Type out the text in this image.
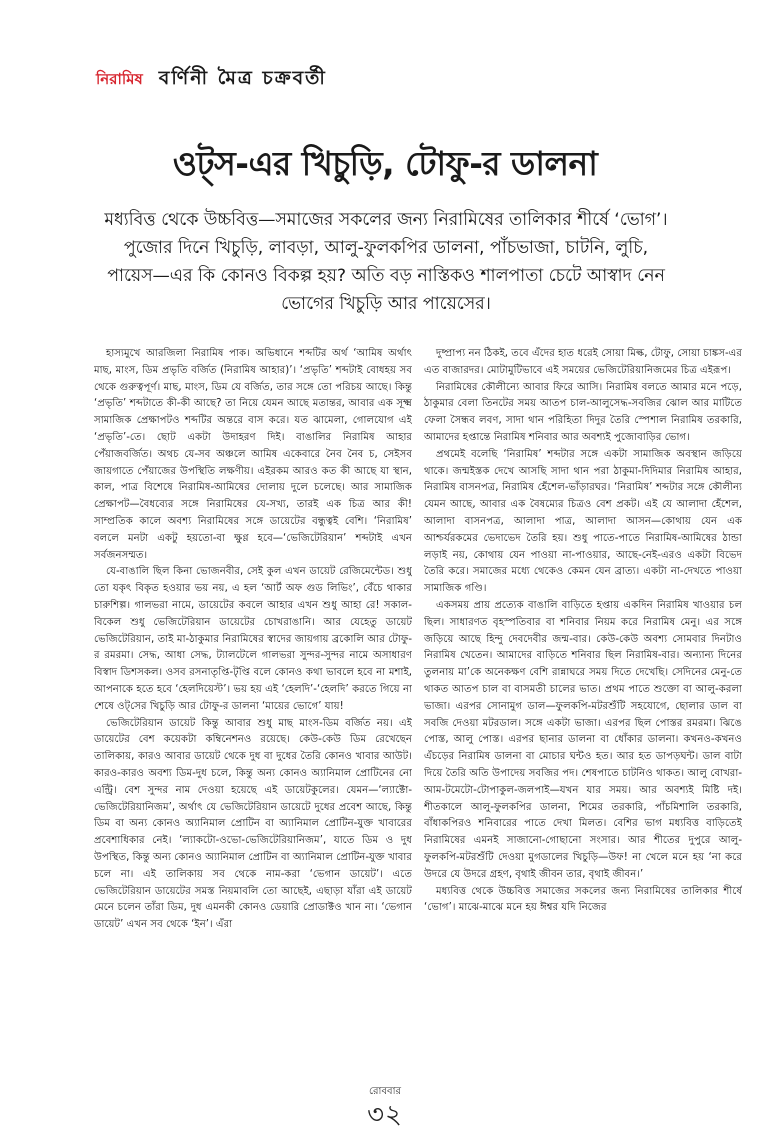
নিরামিষ বর্ণিনী মৈত্র চক্রবর্তী
ওট্‌স-এর খিচুড়ি, টোফু-র ডালনা

মধ্যবিত্ত থেকে উচ্চবিত্ত—সমাজের সকলের জন্য নিরামিষের তালিকার শীর্ষে ‘ভোগ’।
পুজোর দিনে খিচুড়ি, লাবড়া, আলু-ফুলকপির ডালনা, পাঁচভাজা, চাটনি, লুচি,
পায়েস—এর কি কোনও বিকল্প হয়? অতি বড় নাস্তিকও শালপাতা চেটে আস্বাদ নেন
ভোগের খিচুড়ি আর পায়েসের।

হাস্যমুখে আরজিলা নিরামিষ পাক। অভিধানে শব্দটির অর্থ ‘আমিষ অর্থাৎ মাছ, মাংস, ডিম প্রভৃতি বর্জিত (নিরামিষ আহার)’। ‘প্রভৃতি’ শব্দটাই বোধহয় সব থেকে গুরুত্বপূর্ণ। মাছ, মাংস, ডিম যে বর্জিত, তার সঙ্গে তো পরিচয় আছে। কিন্তু ‘প্রভৃতি’ শব্দটাতে কী-কী আছে? তা নিয়ে যেমন আছে মতান্তর, আবার এক সূক্ষ্ম সামাজিক প্রেক্ষাপটও শব্দটির অন্তরে বাস করে। যত ঝামেলা, গোলযোগ এই ‘প্রভৃতি’-তে। ছোট একটা উদাহরণ দিই। বাঙালির নিরামিষ আহার পেঁয়াজবর্জিত। অথচ যে-সব অঞ্চলে আমিষ একেবারে নৈব নৈব চ, সেইসব জায়গাতে পেঁয়াজের উপস্থিতি লক্ষণীয়। এইরকম আরও কত কী আছে যা স্থান, কাল, পাত্র বিশেষে নিরামিষ-আমিষের দোলায় দুলে চলেছে। আর সামাজিক প্রেক্ষাপট—বৈধব্যের সঙ্গে নিরামিষের যে-সখ্য, তারই এক চিত্র আর কী! সাম্প্রতিক কালে অবশ্য নিরামিষের সঙ্গে ডায়েটের বন্ধুত্বই বেশি। ‘নিরামিষ’ বললে মনটা একটু হয়তো-বা ক্ষুণ্ণ হবে—‘ভেজিটেরিয়ান’ শব্দটাই এখন সর্বজনসম্মত।

যে-বাঙালি ছিল কিনা ভোজনবীর, সেই কুল এখন ডায়েট রেজিমেন্টেড। শুধু তো যকৃৎ বিকৃত হওয়ার ভয় নয়, এ হল ‘আর্ট অফ গুড লিভিং’, বেঁচে থাকার চারুশিল্প। গালভরা নামে, ডায়েটের কবলে আহার এখন শুধু আহা রে! সকাল-বিকেল শুধু ভেজিটেরিয়ান ডায়েটের চোখরাঙানি। আর যেহেতু ডায়েট ভেজিটেরিয়ান, তাই মা-ঠাকুমার নিরামিষের স্বাদের জায়গায় ব্রকোলি আর টোফু-র রমরমা। সেদ্ধ, আধা সেদ্ধ, ট্যালটেলে গালভরা সুন্দর-সুন্দর নামে অসাধারণ বিস্বাদ ডিশসকল। ওসব রসনাতৃপ্তি-টৃপ্তি বলে কোনও কথা ভাবলে হবে না মশাই, আপনাকে হতে হবে ‘হেলদিয়েস্ট’। ভয় হয় এই ‘হেলদি’-‘হেলদি’ করতে গিয়ে না শেষে ওট্‌সের খিচুড়ি আর টোফু-র ডালনা ‘মায়ের ভোগে’ যায়!

ভেজিটেরিয়ান ডায়েট কিন্তু আবার শুধু মাছ মাংস-ডিম বর্জিত নয়। এই ডায়েটের বেশ কয়েকটা কম্বিনেশনও রয়েছে। কেউ-কেউ ডিম রেখেছেন তালিকায়, কারও আবার ডায়েট থেকে দুধ বা দুধের তৈরি কোনও খাবার আউট। কারও-কারও অবশ্য ডিম-দুধ চলে, কিন্তু অন্য কোনও অ্যানিমাল প্রোটিনের নো এন্ট্রি। বেশ সুন্দর নাম দেওয়া হয়েছে এই ডায়েটকুলের। যেমন—‘ল্যাক্টো-ভেজিটেরিয়ানিজম’, অর্থাৎ যে ভেজিটেরিয়ান ডায়েটে দুধের প্রবেশ আছে, কিন্তু ডিম বা অন্য কোনও অ্যানিমাল প্রোটিন বা অ্যানিমাল প্রোটিন-যুক্ত খাবারের প্রবেশাধিকার নেই। ‘ল্যাকটো-ওভো-ভেজিটেরিয়ানিজম’, যাতে ডিম ও দুধ উপস্থিত, কিন্তু অন্য কোনও অ্যানিমাল প্রোটিন বা অ্যানিমাল প্রোটিন-যুক্ত খাবার চলে না। এই তালিকায় সব থেকে নাম-করা ‘ভেগান ডায়েট’। এতে ভেজিটেরিয়ান ডায়েটের সমস্ত নিয়মাবলি তো আছেই, এছাড়া যাঁরা এই ডায়েট মেনে চলেন তাঁরা ডিম, দুধ এমনকী কোনও ডেয়ারি প্রোডাক্টও খান না। ‘ভেগান ডায়েট’ এখন সব থেকে ‘ইন’। এঁরা

দুষ্প্রাপ্য নন ঠিকই, তবে এঁদের হাত ধরেই সোয়া মিল্ক, টোফু, সোয়া চাঙ্কস-এর এত বাজারদর। মোটামুটিভাবে এই সময়ের ভেজিটেরিয়ানিজমের চিত্র এইরূপ।

নিরামিষের কৌলীন্যে আবার ফিরে আসি। নিরামিষ বলতে আমার মনে পড়ে, ঠাকুমার বেলা তিনটের সময় আতপ চাল-আলুসেদ্ধ-সবজির ঝোল আর মাটিতে ফেলা সৈন্ধব লবণ, সাদা থান পরিহিতা দিদুর তৈরি স্পেশাল নিরামিষ তরকারি, আমাদের হপ্তান্তে নিরামিষ শনিবার আর অবশ্যই পুজোবাড়ির ভোগ।

প্রথমেই বলেছি ‘নিরামিষ’ শব্দটার সঙ্গে একটা সামাজিক অবস্থান জড়িয়ে থাকে। জন্মইস্তক দেখে আসছি সাদা থান পরা ঠাকুমা-দিদিমার নিরামিষ আহার, নিরামিষ বাসনপত্র, নিরামিষ হেঁশেল-ভাঁড়ারঘর। ‘নিরামিষ’ শব্দটার সঙ্গে কৌলীন্য যেমন আছে, আবার এক বৈষম্যের চিত্রও বেশ প্রকট। এই যে আলাদা হেঁশেল, আলাদা বাসনপত্র, আলাদা পাত্র, আলাদা আসন—কোথায় যেন এক আশ্চর্যরকমের ভেদাভেদ তৈরি হয়। শুধু পাতে-পাতে নিরামিষ-আমিষের ঠান্ডা লড়াই নয়, কোথায় যেন পাওয়া না-পাওয়ার, আছে-নেই-এরও একটা বিভেদ তৈরি করে। সমাজের মধ্যে থেকেও কেমন যেন ব্রাত্য। একটা না-দেখতে পাওয়া সামাজিক গণ্ডি।

একসময় প্রায় প্রত্যেক বাঙালি বাড়িতে হপ্তায় একদিন নিরামিষ খাওয়ার চল ছিল। সাধারণত বৃহস্পতিবার বা শনিবার নিয়ম করে নিরামিষ মেনু। এর সঙ্গে জড়িয়ে আছে হিন্দু দেবদেবীর জন্ম-বার। কেউ-কেউ অবশ্য সোমবার দিনটাও নিরামিষ খেতেন। আমাদের বাড়িতে শনিবার ছিল নিরামিষ-বার। অন্যান্য দিনের তুলনায় মা’কে অনেকক্ষণ বেশি রান্নাঘরে সময় দিতে দেখেছি। সেদিনের মেনু-তে থাকত আতপ চাল বা বাসমতী চালের ভাত। প্রথম পাতে শুক্তো বা আলু-করলা ভাজা। এরপর সোনামুগ ডাল—ফুলকপি-মটরশুঁটি সহযোগে, ছোলার ডাল বা সবজি দেওয়া মটরডাল। সঙ্গে একটা ভাজা। এরপর ছিল পোস্তর রমরমা। ঝিঙে পোস্ত, আলু পোস্ত। এরপর ছানার ডালনা বা ধোঁকার ডালনা। কখনও-কখনও এঁচড়ের নিরামিষ ডালনা বা মোচার ঘন্টও হত। আর হত ডাপড়ঘন্ট। ডাল বাটা দিয়ে তৈরি অতি উপাদেয় সবজির পদ। শেষপাতে চাটনিও থাকত। আলু বোখরা-আম-টমেটো-টোপাকুল-জলপাই—যখন যার সময়। আর অবশ্যই মিষ্টি দই। শীতকালে আলু-ফুলকপির ডালনা, শিমের তরকারি, পাঁচমিশালি তরকারি, বাঁধাকপিরও শনিবারের পাতে দেখা মিলত। বেশির ভাগ মধ্যবিত্ত বাড়িতেই নিরামিষের এমনই সাজানো-গোছানো সংসার। আর শীতের দুপুরে আলু-ফুলকপি-মটরশুঁটি দেওয়া মুগডালের খিচুড়ি—উফ! না খেলে মনে হয় ‘না করে উদরে যে উদরে গ্রহণ, বৃথাই জীবন তার, বৃথাই জীবন।’

মধ্যবিত্ত থেকে উচ্চবিত্ত সমাজের সকলের জন্য নিরামিষের তালিকার শীর্ষে ‘ভোগ’। মাঝে-মাঝে মনে হয় ঈশ্বর যদি নিজের

রোববার
৩২
